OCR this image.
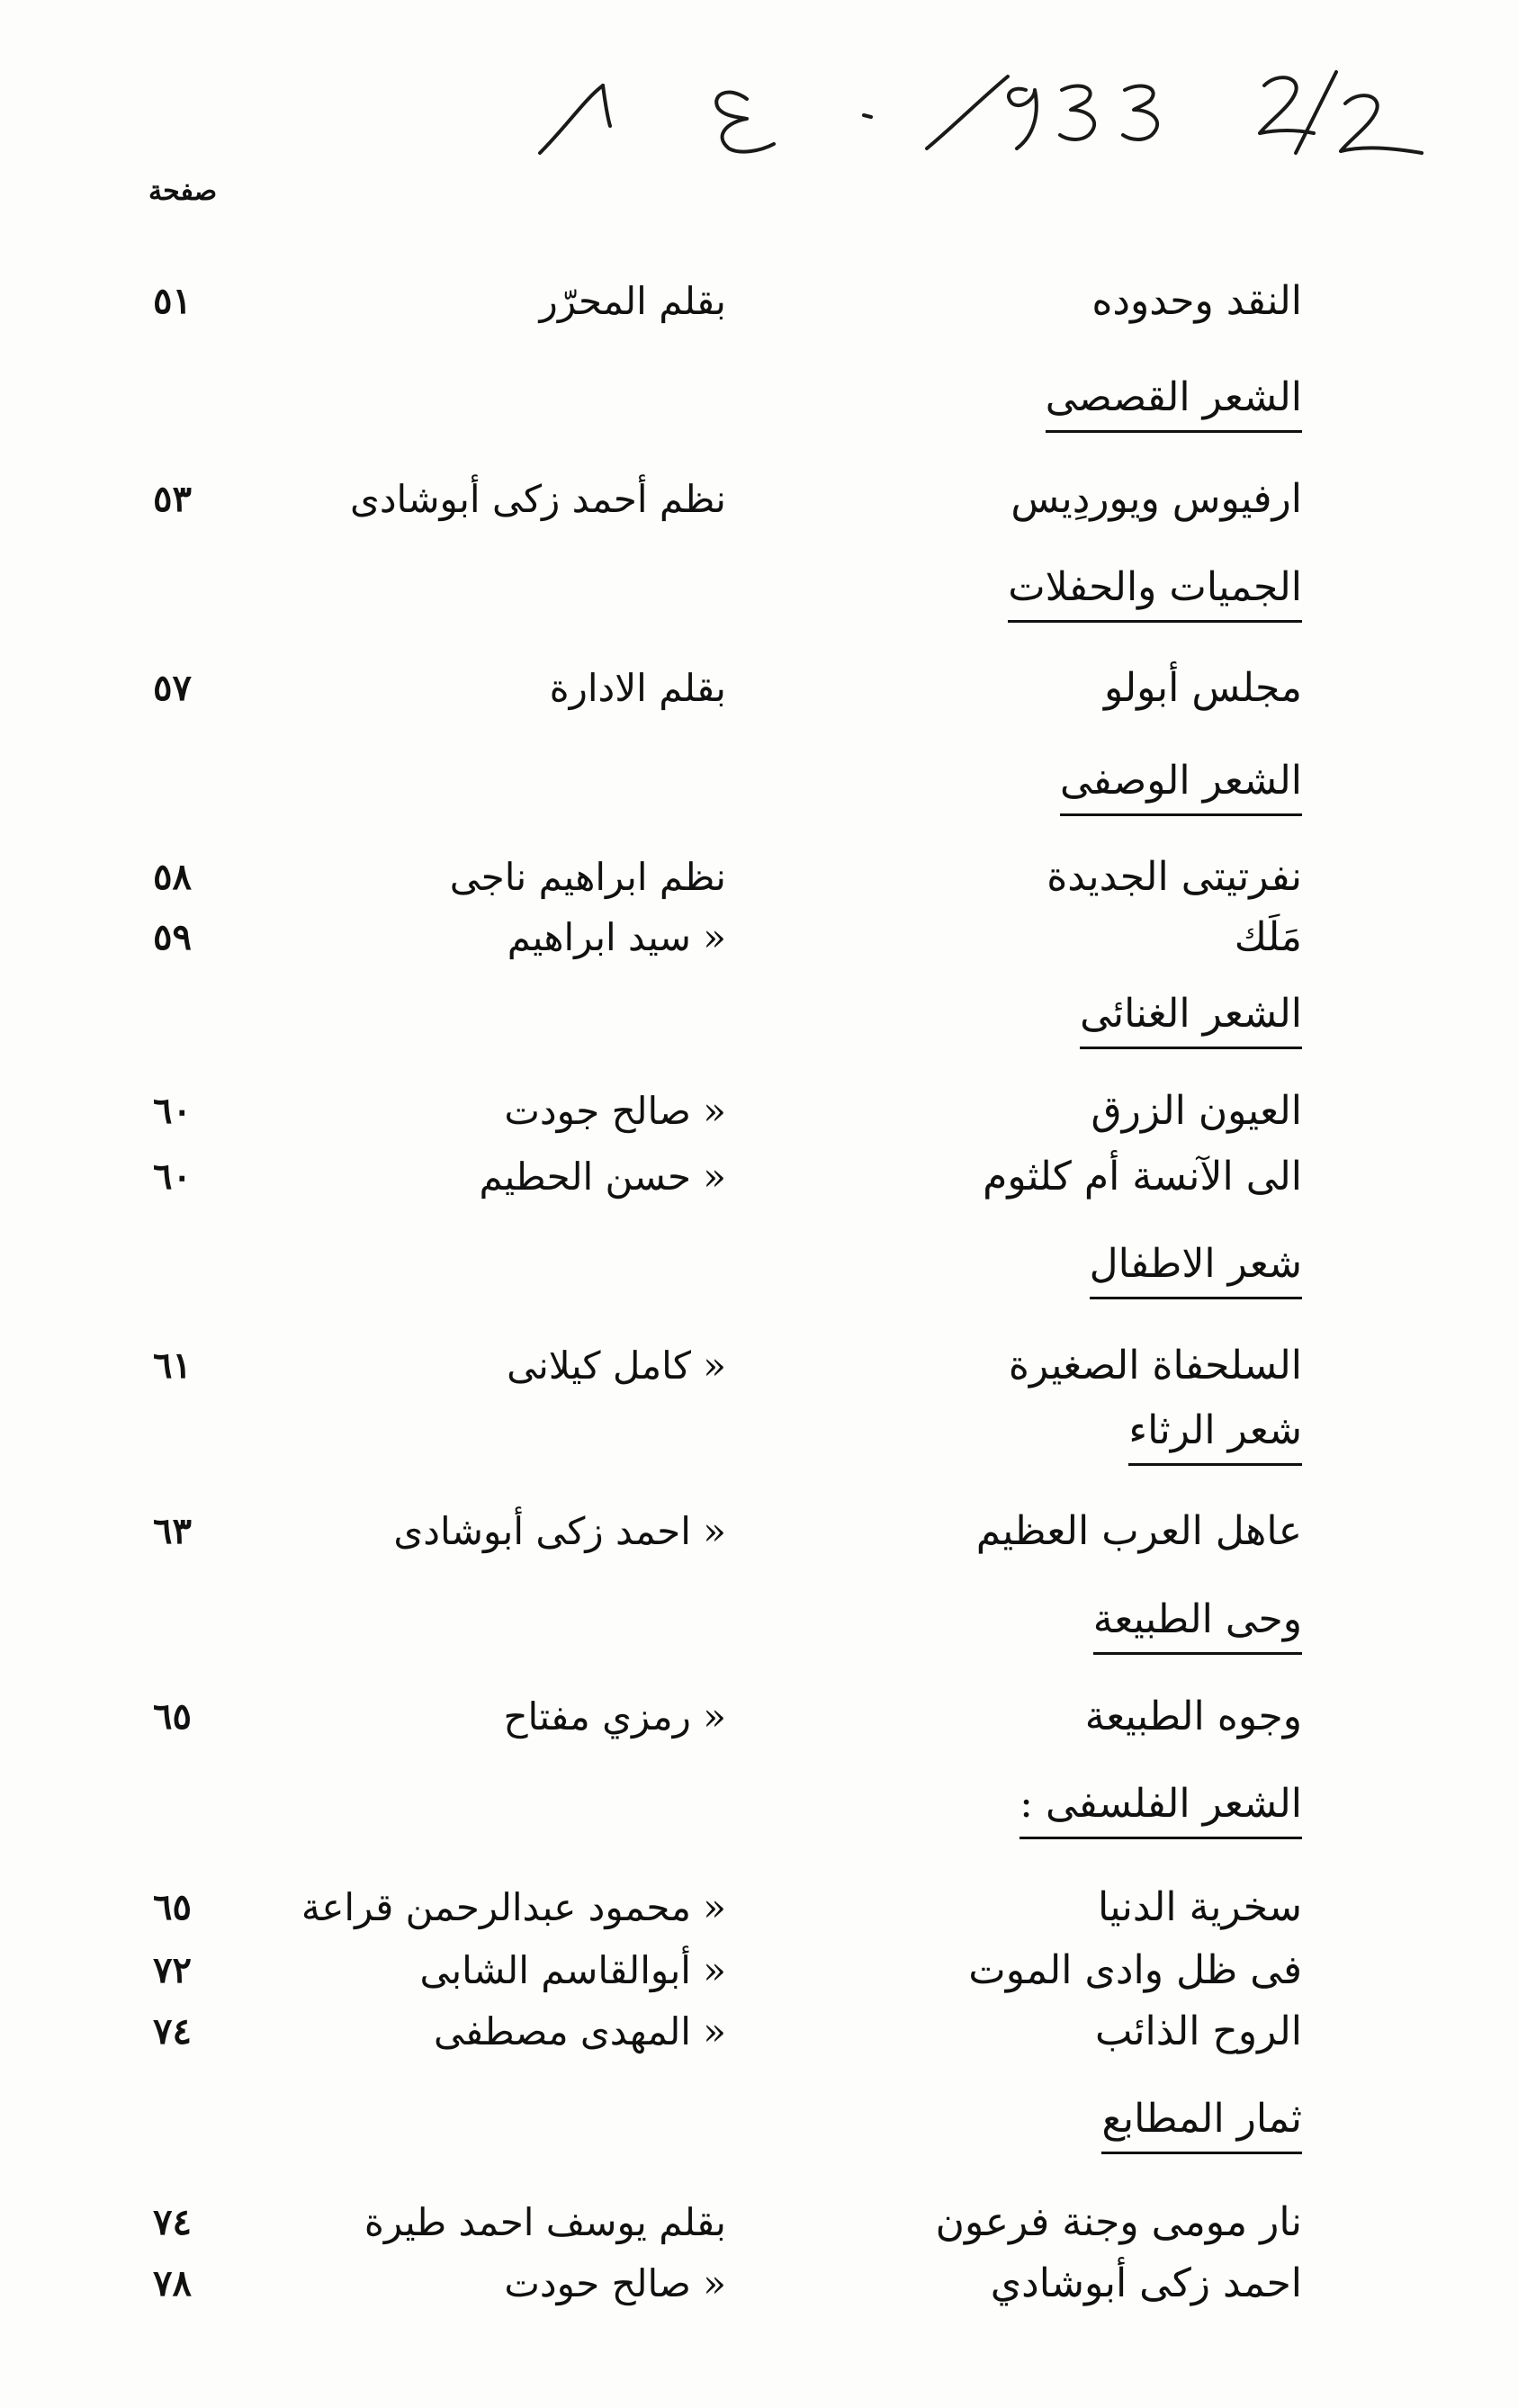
صفحة
النقد وحدوده
بقلم المحرّر
٥١
الشعر القصصى
ارفيوس ويوردِيس
نظم أحمد زكى أبوشادى
٥٣
الجميات والحفلات
مجلس أبولو
بقلم الادارة
٥٧
الشعر الوصفى
نفرتيتى الجديدة
نظم ابراهيم ناجى
٥٨
مَلَك
« سيد ابراهيم
٥٩
الشعر الغنائى
العيون الزرق
« صالح جودت
٦٠
الى الآنسة أم كلثوم
« حسن الحطيم
٦٠
شعر الاطفال
السلحفاة الصغيرة
« كامل كيلانى
٦١
شعر الرثاء
عاهل العرب العظيم
« احمد زكى أبوشادى
٦٣
وحى الطبيعة
وجوه الطبيعة
« رمزي مفتاح
٦٥
الشعر الفلسفى :
سخرية الدنيا
« محمود عبدالرحمن قراعة
٦٥
فى ظل وادى الموت
« أبوالقاسم الشابى
٧٢
الروح الذائب
« المهدى مصطفى
٧٤
ثمار المطابع
نار مومى وجنة فرعون
بقلم يوسف احمد طيرة
٧٤
احمد زكى أبوشادي
« صالح حودت
٧٨
